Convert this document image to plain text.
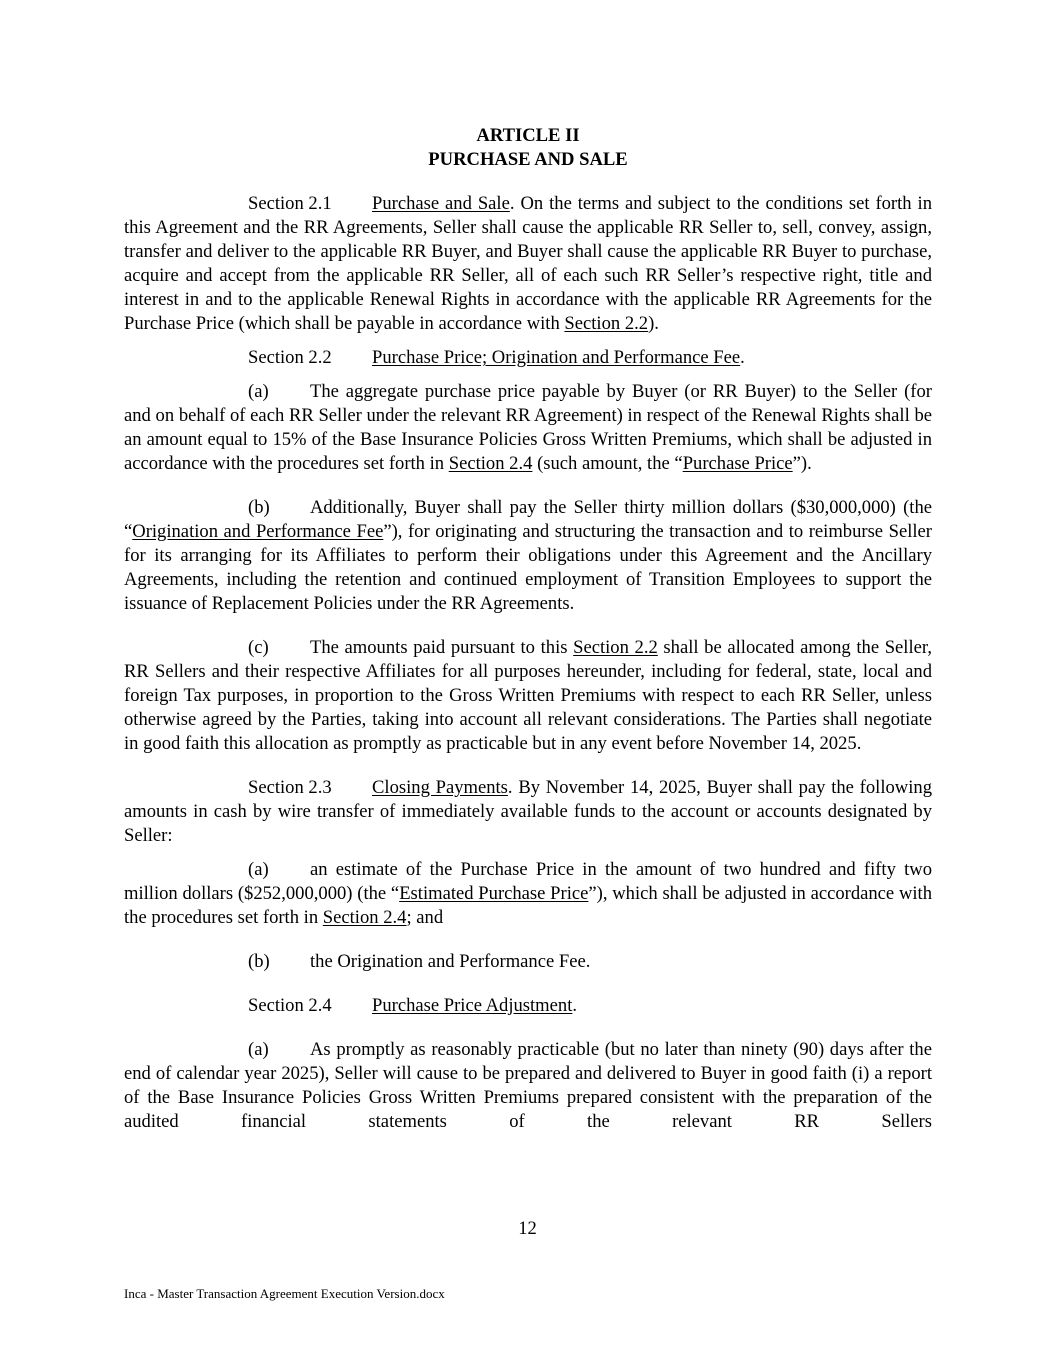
ARTICLE II
PURCHASE AND SALE

Section 2.1 Purchase and Sale. On the terms and subject to the conditions set forth in this Agreement and the RR Agreements, Seller shall cause the applicable RR Seller to, sell, convey, assign, transfer and deliver to the applicable RR Buyer, and Buyer shall cause the applicable RR Buyer to purchase, acquire and accept from the applicable RR Seller, all of each such RR Seller’s respective right, title and interest in and to the applicable Renewal Rights in accordance with the applicable RR Agreements for the Purchase Price (which shall be payable in accordance with Section 2.2).

Section 2.2 Purchase Price; Origination and Performance Fee.

(a) The aggregate purchase price payable by Buyer (or RR Buyer) to the Seller (for and on behalf of each RR Seller under the relevant RR Agreement) in respect of the Renewal Rights shall be an amount equal to 15% of the Base Insurance Policies Gross Written Premiums, which shall be adjusted in accordance with the procedures set forth in Section 2.4 (such amount, the “Purchase Price”).

(b) Additionally, Buyer shall pay the Seller thirty million dollars ($30,000,000) (the “Origination and Performance Fee”), for originating and structuring the transaction and to reimburse Seller for its arranging for its Affiliates to perform their obligations under this Agreement and the Ancillary Agreements, including the retention and continued employment of Transition Employees to support the issuance of Replacement Policies under the RR Agreements.

(c) The amounts paid pursuant to this Section 2.2 shall be allocated among the Seller, RR Sellers and their respective Affiliates for all purposes hereunder, including for federal, state, local and foreign Tax purposes, in proportion to the Gross Written Premiums with respect to each RR Seller, unless otherwise agreed by the Parties, taking into account all relevant considerations. The Parties shall negotiate in good faith this allocation as promptly as practicable but in any event before November 14, 2025.

Section 2.3 Closing Payments. By November 14, 2025, Buyer shall pay the following amounts in cash by wire transfer of immediately available funds to the account or accounts designated by Seller:

(a) an estimate of the Purchase Price in the amount of two hundred and fifty two million dollars ($252,000,000) (the “Estimated Purchase Price”), which shall be adjusted in accordance with the procedures set forth in Section 2.4; and

(b) the Origination and Performance Fee.

Section 2.4 Purchase Price Adjustment.

(a) As promptly as reasonably practicable (but no later than ninety (90) days after the end of calendar year 2025), Seller will cause to be prepared and delivered to Buyer in good faith (i) a report of the Base Insurance Policies Gross Written Premiums prepared consistent with the preparation of the audited financial statements of the relevant RR Sellers

12
Inca - Master Transaction Agreement Execution Version.docx
